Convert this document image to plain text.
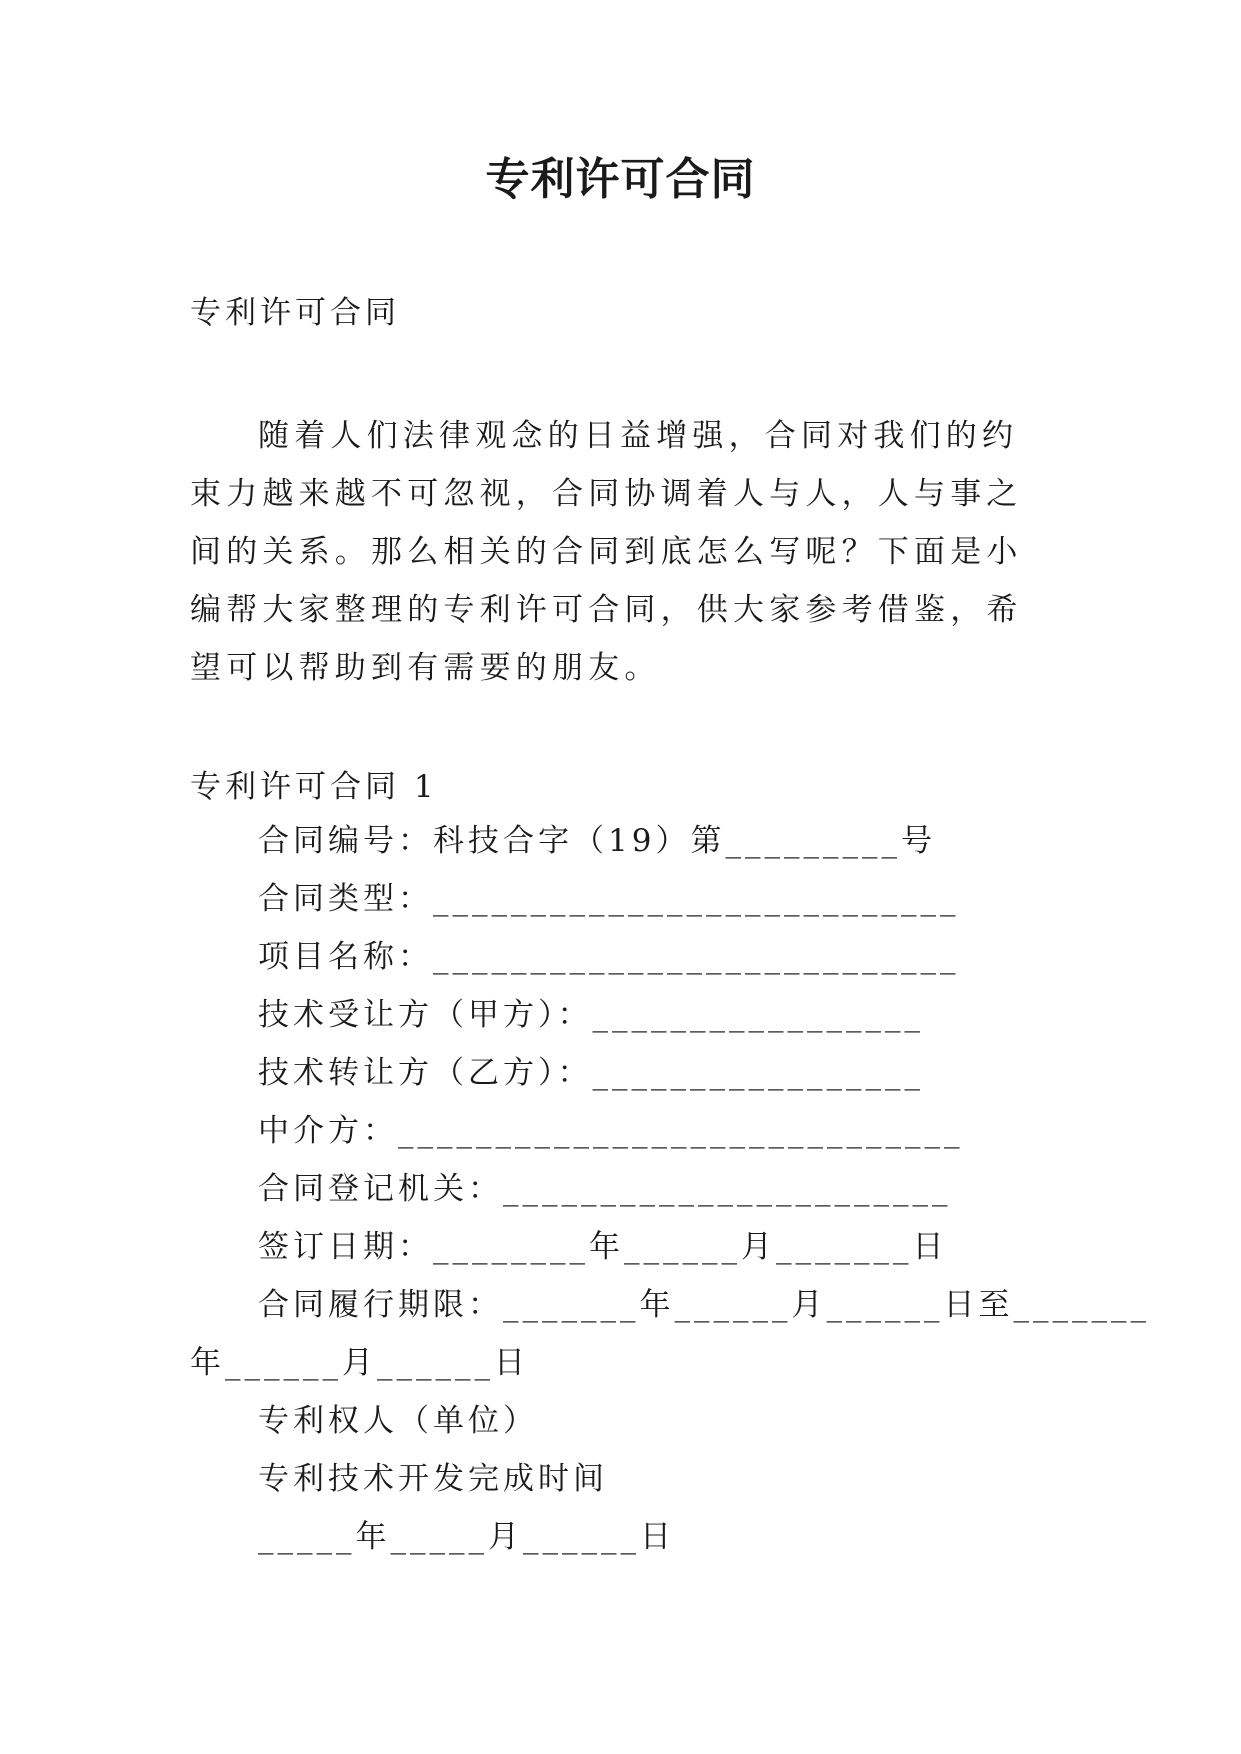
专利许可合同

专利许可合同

随着人们法律观念的日益增强，合同对我们的约束力越来越不可忽视，合同协调着人与人，人与事之间的关系。那么相关的合同到底怎么写呢？下面是小编帮大家整理的专利许可合同，供大家参考借鉴，希望可以帮助到有需要的朋友。

专利许可合同 1

合同编号：科技合字（19）第_________号
合同类型：___________________________
项目名称：___________________________
技术受让方（甲方）：_________________
技术转让方（乙方）：_________________
中介方：_____________________________
合同登记机关：_______________________
签订日期：________年______月_______日
合同履行期限：_______年______月______日至_______
年______月______日
专利权人（单位）
专利技术开发完成时间
_____年_____月______日
